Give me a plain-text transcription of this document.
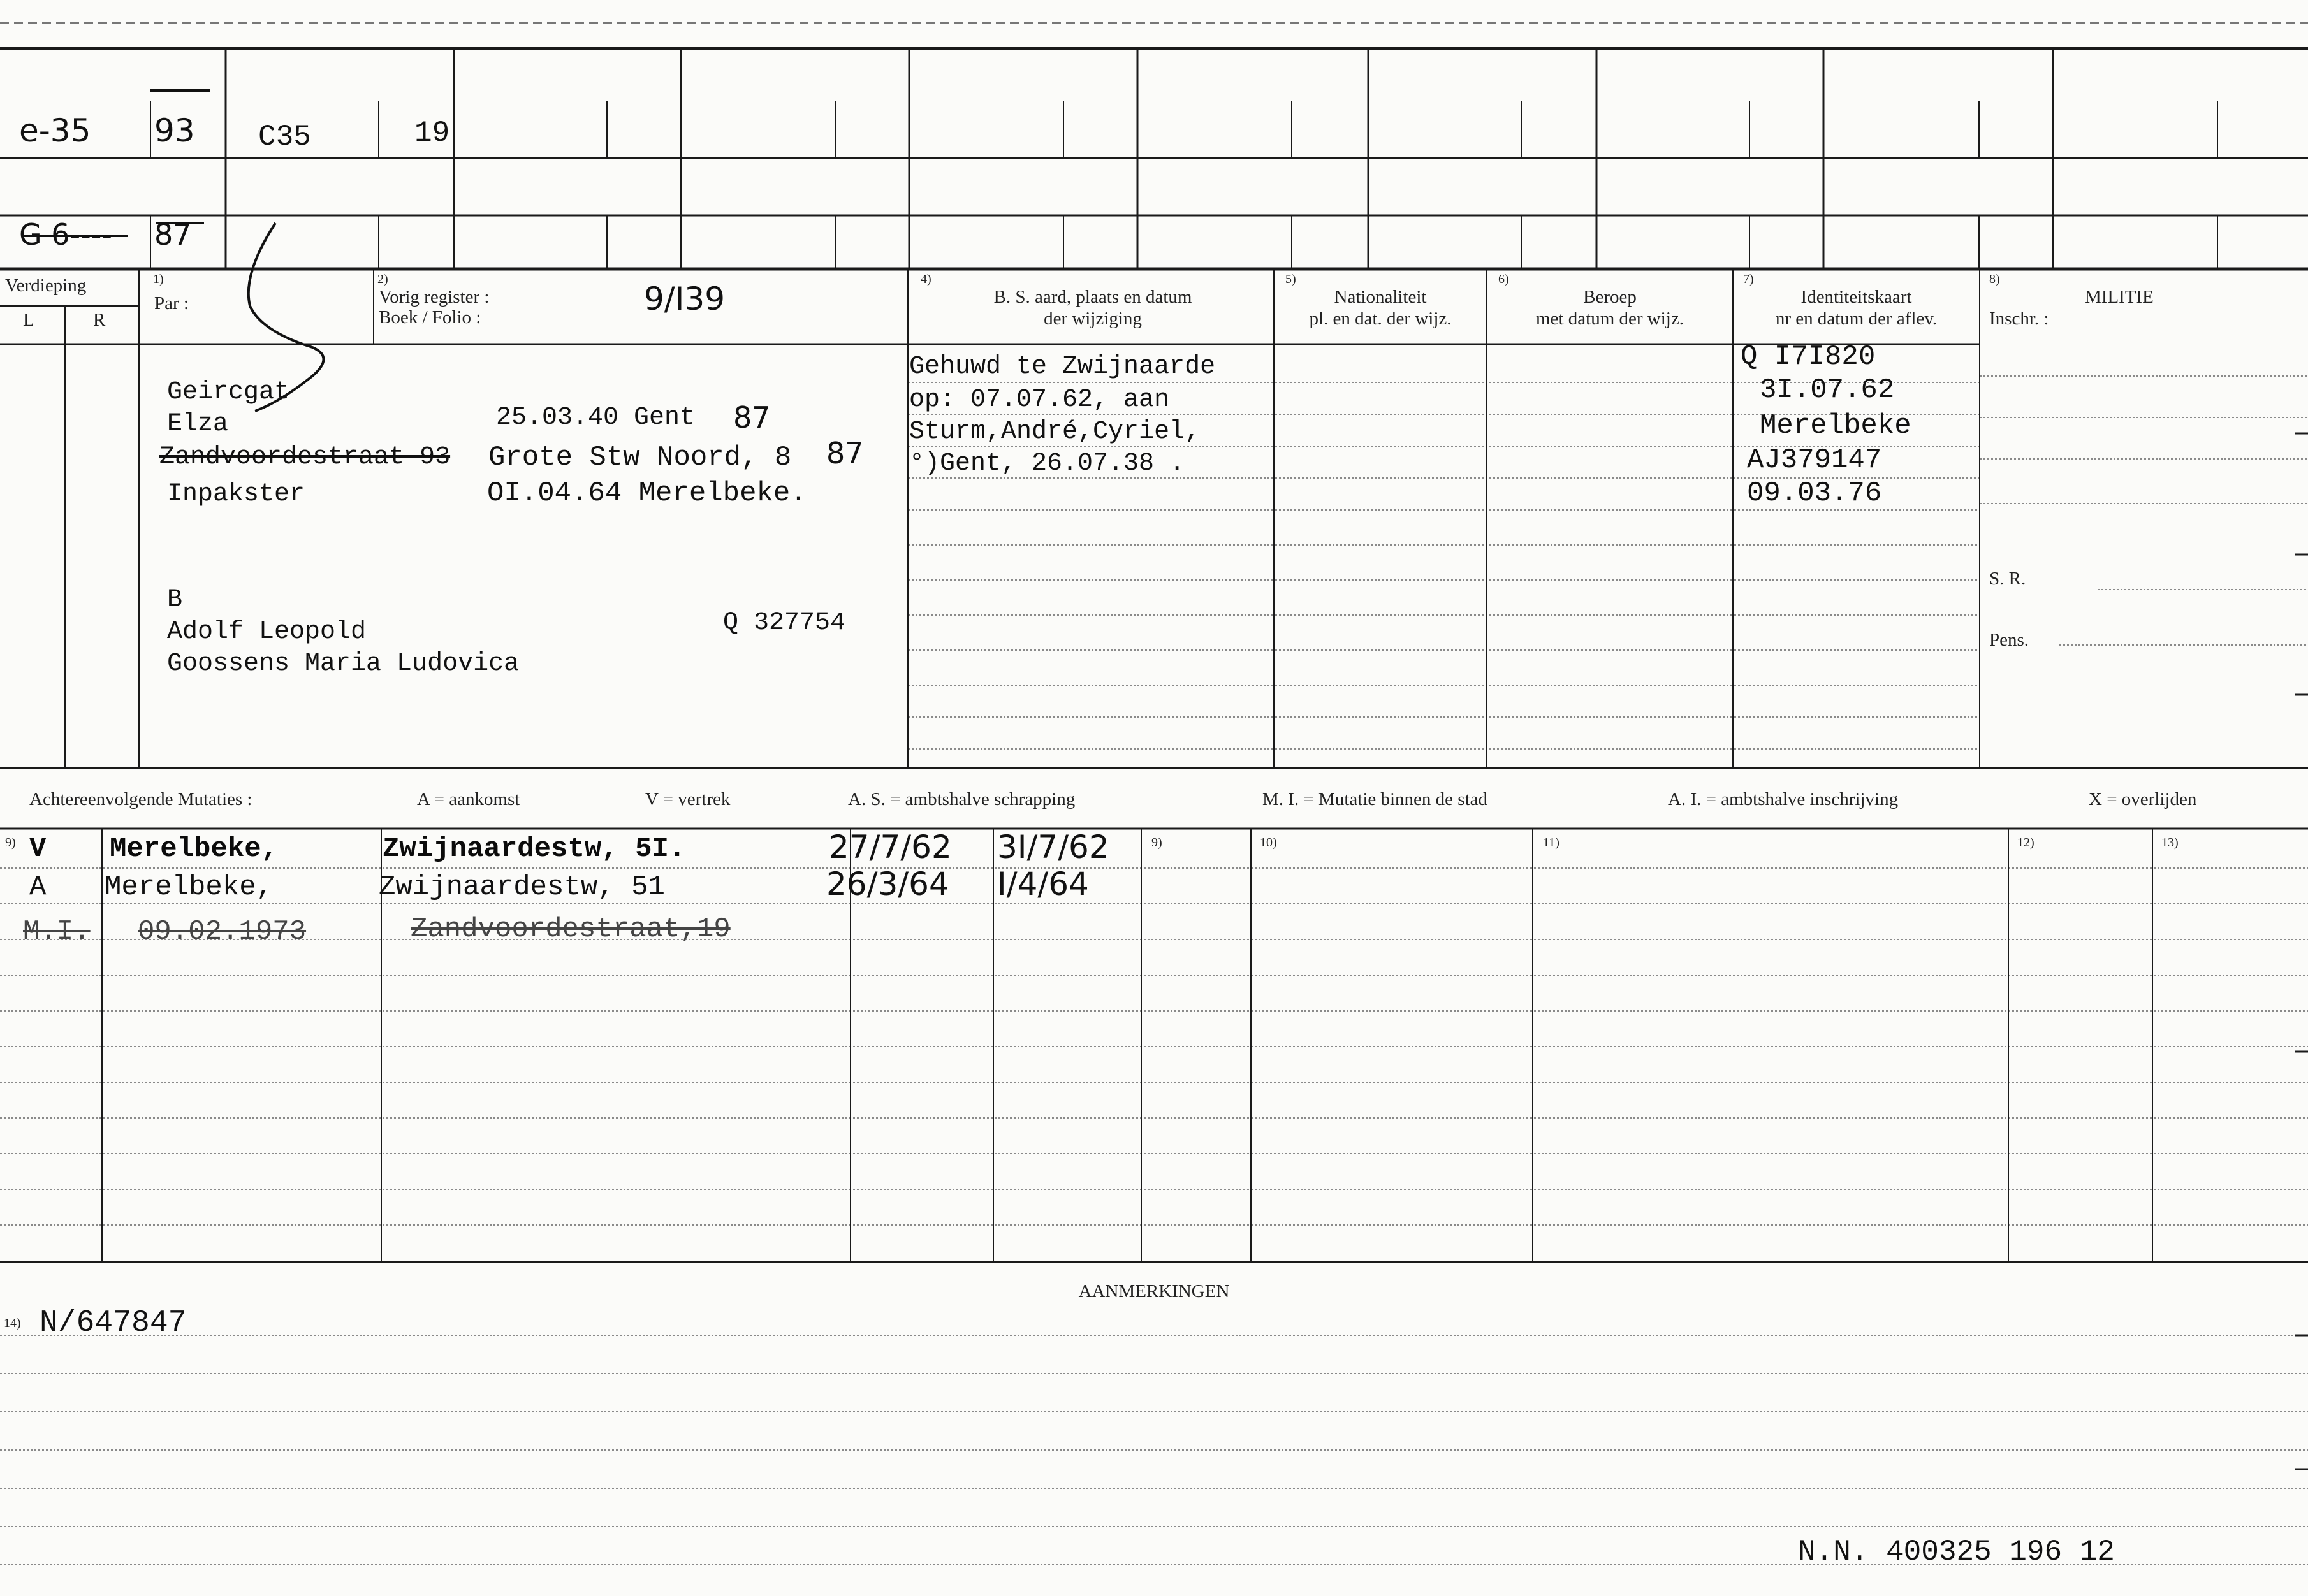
e-35 93 C35	19
G 6---- 87
Verdieping
L	R
1)
Par :
2)
Vorig register :
Boek / Folio :	9/I39
4)
B. S. aard, plaats en datum
der wijziging
5)
Nationaliteit
pl. en dat. der wijz.
6)
Beroep
met datum der wijz.
7)
Identiteitskaart
nr en datum der aflev.
8)
MILITIE
Inschr. :
S. R.
Pens.
Geircgat
Elza	25.03.40 Gent 87
Zandvoordestraat 93 Grote Stw Noord, 8 87
Inpakster	OI.04.64 Merelbeke.
B
Adolf Leopold
Goossens Maria Ludovica
Q 327754
Gehuwd te Zwijnaarde
op: 07.07.62, aan
Sturm,André,Cyriel,
°)Gent, 26.07.38 .
Q I7I820
3I.07.62
Merelbeke
AJ379147
09.03.76
Achtereenvolgende Mutaties :	A = aankomst	V = vertrek	A. S. = ambtshalve schrapping	M. I. = Mutatie binnen de stad	A. I. = ambtshalve inschrijving	X = overlijden
9)	9)	10)	11)	12)	13)
V Merelbeke,	Zwijnaardestw, 5I.	27/7/62 3I/7/62
A Merelbeke,	Zwijnaardestw, 51	26/3/64 I/4/64
M.I. 09.02.1973	Zandvoordestraat,19
AANMERKINGEN
14) N/647847
N.N. 400325 196 12
